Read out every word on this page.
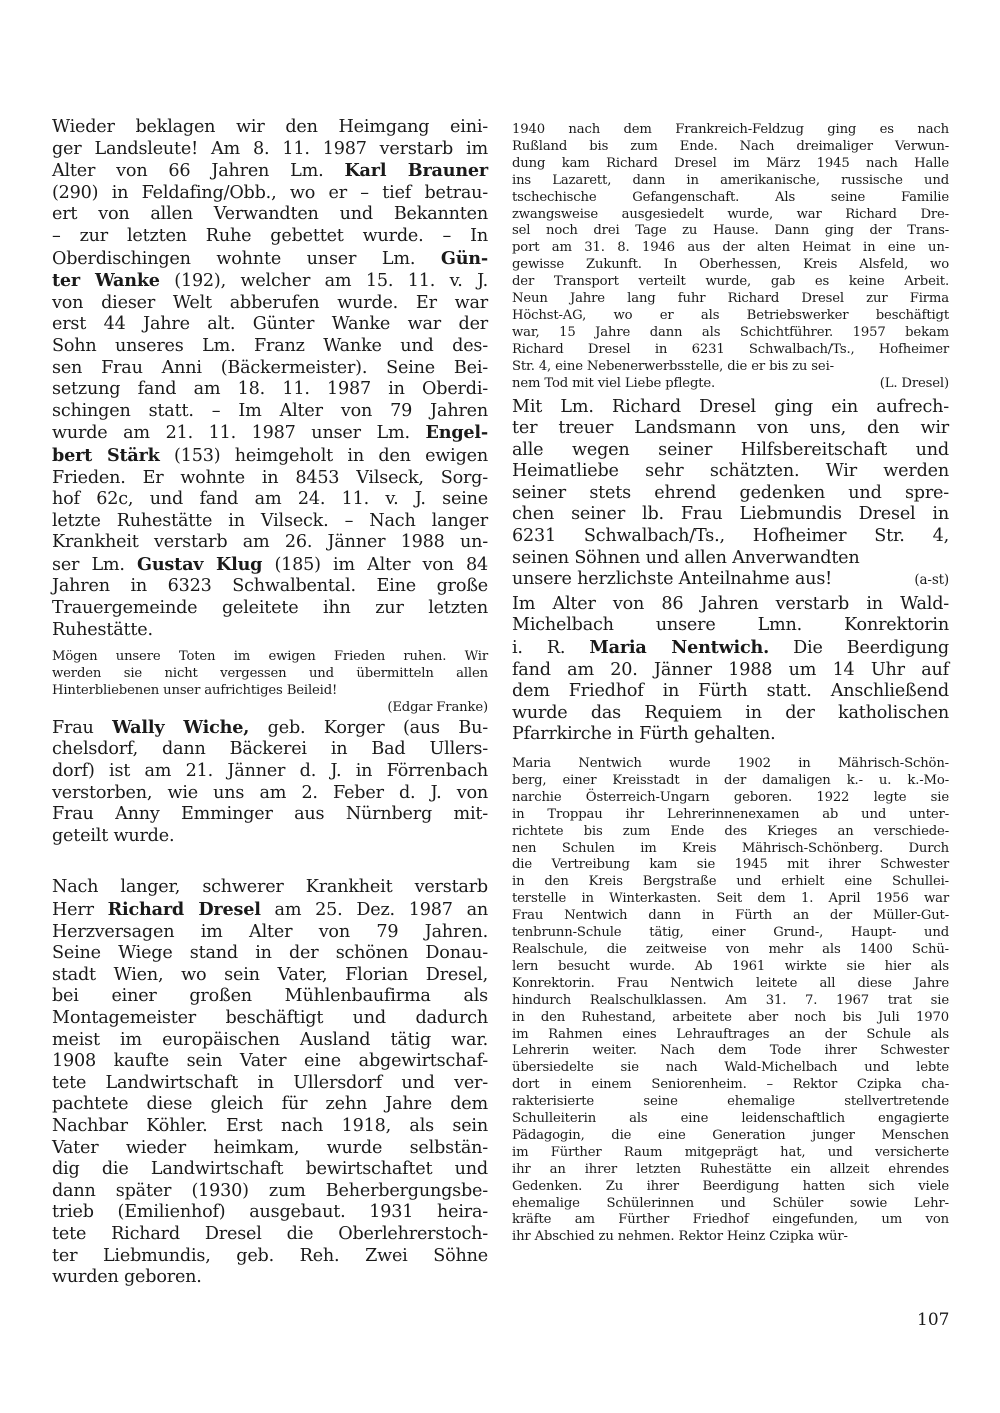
Wieder beklagen wir den Heimgang eini-
ger Landsleute! Am 8. 11. 1987 verstarb im
Alter von 66 Jahren Lm. Karl Brauner
(290) in Feldafing/Obb., wo er – tief betrau-
ert von allen Verwandten und Bekannten
– zur letzten Ruhe gebettet wurde. – In
Oberdischingen wohnte unser Lm. Gün-
ter Wanke (192), welcher am 15. 11. v. J.
von dieser Welt abberufen wurde. Er war
erst 44 Jahre alt. Günter Wanke war der
Sohn unseres Lm. Franz Wanke und des-
sen Frau Anni (Bäckermeister). Seine Bei-
setzung fand am 18. 11. 1987 in Oberdi-
schingen statt. – Im Alter von 79 Jahren
wurde am 21. 11. 1987 unser Lm. Engel-
bert Stärk (153) heimgeholt in den ewigen
Frieden. Er wohnte in 8453 Vilseck, Sorg-
hof 62c, und fand am 24. 11. v. J. seine
letzte Ruhestätte in Vilseck. – Nach langer
Krankheit verstarb am 26. Jänner 1988 un-
ser Lm. Gustav Klug (185) im Alter von 84
Jahren in 6323 Schwalbental. Eine große
Trauergemeinde geleitete ihn zur letzten
Ruhestätte.
Mögen unsere Toten im ewigen Frieden ruhen. Wir
werden sie nicht vergessen und übermitteln allen
Hinterbliebenen unser aufrichtiges Beileid!
(Edgar Franke)
Frau Wally Wiche, geb. Korger (aus Bu-
chelsdorf, dann Bäckerei in Bad Ullers-
dorf) ist am 21. Jänner d. J. in Förrenbach
verstorben, wie uns am 2. Feber d. J. von
Frau Anny Emminger aus Nürnberg mit-
geteilt wurde.
Nach langer, schwerer Krankheit verstarb
Herr Richard Dresel am 25. Dez. 1987 an
Herzversagen im Alter von 79 Jahren.
Seine Wiege stand in der schönen Donau-
stadt Wien, wo sein Vater, Florian Dresel,
bei einer großen Mühlenbaufirma als
Montagemeister beschäftigt und dadurch
meist im europäischen Ausland tätig war.
1908 kaufte sein Vater eine abgewirtschaf-
tete Landwirtschaft in Ullersdorf und ver-
pachtete diese gleich für zehn Jahre dem
Nachbar Köhler. Erst nach 1918, als sein
Vater wieder heimkam, wurde selbstän-
dig die Landwirtschaft bewirtschaftet und
dann später (1930) zum Beherbergungsbe-
trieb (Emilienhof) ausgebaut. 1931 heira-
tete Richard Dresel die Oberlehrerstoch-
ter Liebmundis, geb. Reh. Zwei Söhne
wurden geboren.
1940 nach dem Frankreich-Feldzug ging es nach
Rußland bis zum Ende. Nach dreimaliger Verwun-
dung kam Richard Dresel im März 1945 nach Halle
ins Lazarett, dann in amerikanische, russische und
tschechische Gefangenschaft. Als seine Familie
zwangsweise ausgesiedelt wurde, war Richard Dre-
sel noch drei Tage zu Hause. Dann ging der Trans-
port am 31. 8. 1946 aus der alten Heimat in eine un-
gewisse Zukunft. In Oberhessen, Kreis Alsfeld, wo
der Transport verteilt wurde, gab es keine Arbeit.
Neun Jahre lang fuhr Richard Dresel zur Firma
Höchst-AG, wo er als Betriebswerker beschäftigt
war, 15 Jahre dann als Schichtführer. 1957 bekam
Richard Dresel in 6231 Schwalbach/Ts., Hofheimer
Str. 4, eine Nebenerwerbsstelle, die er bis zu sei-
nem Tod mit viel Liebe pflegte.	(L. Dresel)
Mit Lm. Richard Dresel ging ein aufrech-
ter treuer Landsmann von uns, den wir
alle wegen seiner Hilfsbereitschaft und
Heimatliebe sehr schätzten. Wir werden
seiner stets ehrend gedenken und spre-
chen seiner lb. Frau Liebmundis Dresel in
6231 Schwalbach/Ts., Hofheimer Str. 4,
seinen Söhnen und allen Anverwandten
unsere herzlichste Anteilnahme aus!	(a-st)
Im Alter von 86 Jahren verstarb in Wald-
Michelbach unsere Lmn. Konrektorin
i. R. Maria Nentwich. Die Beerdigung
fand am 20. Jänner 1988 um 14 Uhr auf
dem Friedhof in Fürth statt. Anschließend
wurde das Requiem in der katholischen
Pfarrkirche in Fürth gehalten.
Maria Nentwich wurde 1902 in Mährisch-Schön-
berg, einer Kreisstadt in der damaligen k.- u. k.-Mo-
narchie Österreich-Ungarn geboren. 1922 legte sie
in Troppau ihr Lehrerinnenexamen ab und unter-
richtete bis zum Ende des Krieges an verschiede-
nen Schulen im Kreis Mährisch-Schönberg. Durch
die Vertreibung kam sie 1945 mit ihrer Schwester
in den Kreis Bergstraße und erhielt eine Schullei-
terstelle in Winterkasten. Seit dem 1. April 1956 war
Frau Nentwich dann in Fürth an der Müller-Gut-
tenbrunn-Schule tätig, einer Grund-, Haupt- und
Realschule, die zeitweise von mehr als 1400 Schü-
lern besucht wurde. Ab 1961 wirkte sie hier als
Konrektorin. Frau Nentwich leitete all diese Jahre
hindurch Realschulklassen. Am 31. 7. 1967 trat sie
in den Ruhestand, arbeitete aber noch bis Juli 1970
im Rahmen eines Lehrauftrages an der Schule als
Lehrerin weiter. Nach dem Tode ihrer Schwester
übersiedelte sie nach Wald-Michelbach und lebte
dort in einem Seniorenheim. – Rektor Czipka cha-
rakterisierte seine ehemalige stellvertretende
Schulleiterin als eine leidenschaftlich engagierte
Pädagogin, die eine Generation junger Menschen
im Fürther Raum mitgeprägt hat, und versicherte
ihr an ihrer letzten Ruhestätte ein allzeit ehrendes
Gedenken. Zu ihrer Beerdigung hatten sich viele
ehemalige Schülerinnen und Schüler sowie Lehr-
kräfte am Fürther Friedhof eingefunden, um von
ihr Abschied zu nehmen. Rektor Heinz Czipka wür-
107
